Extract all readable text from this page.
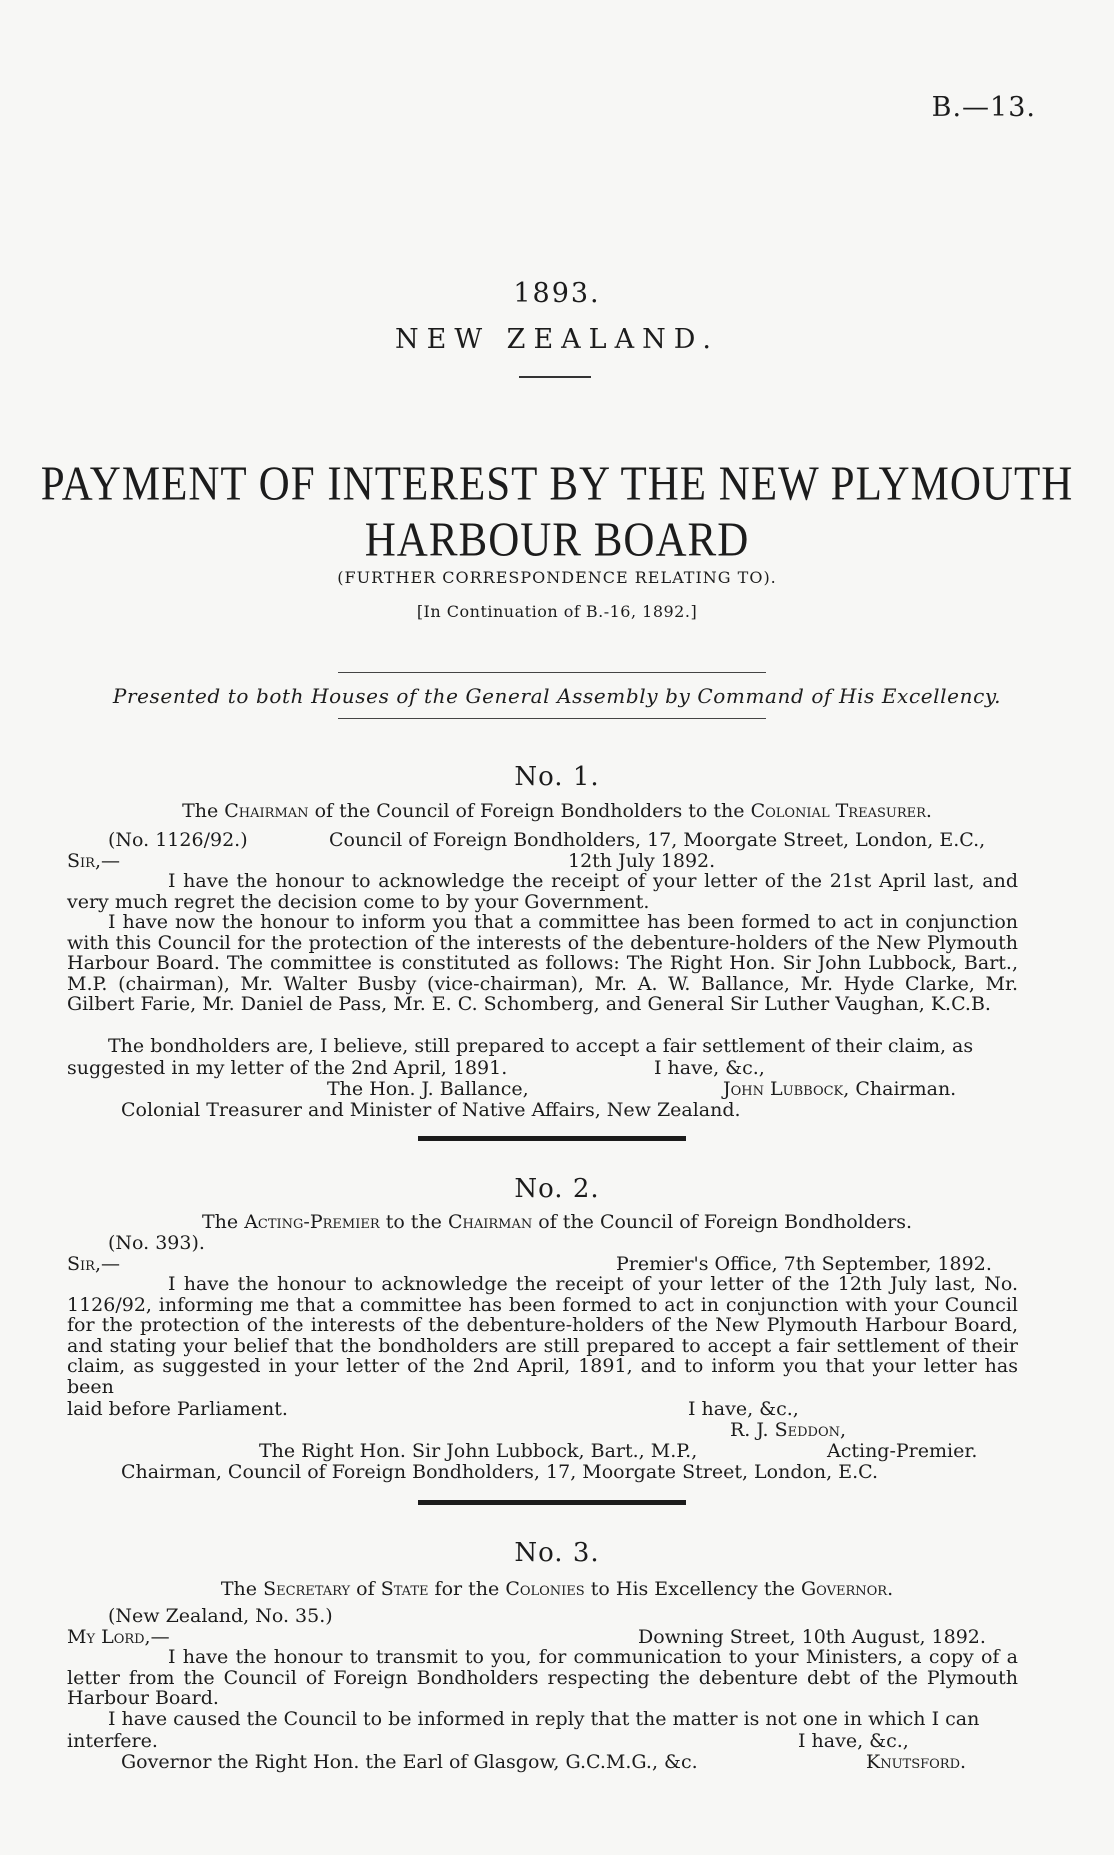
B.—13.
1893.
NEW ZEALAND.
PAYMENT OF INTEREST BY THE NEW PLYMOUTH
HARBOUR BOARD
(FURTHER CORRESPONDENCE RELATING TO).
[In Continuation of B.-16, 1892.]
Presented to both Houses of the General Assembly by Command of His Excellency.
No. 1.
The Chairman of the Council of Foreign Bondholders to the Colonial Treasurer.
(No. 1126/92.)	Council of Foreign Bondholders, 17, Moorgate Street, London, E.C.,
Sir,—	12th July 1892.
I have the honour to acknowledge the receipt of your letter of the 21st April last, and very much regret the decision come to by your Government.
I have now the honour to inform you that a committee has been formed to act in conjunction with this Council for the protection of the interests of the debenture-holders of the New Plymouth Harbour Board. The committee is constituted as follows: The Right Hon. Sir John Lubbock, Bart., M.P. (chairman), Mr. Walter Busby (vice-chairman), Mr. A. W. Ballance, Mr. Hyde Clarke, Mr. Gilbert Farie, Mr. Daniel de Pass, Mr. E. C. Schomberg, and General Sir Luther Vaughan, K.C.B.
The bondholders are, I believe, still prepared to accept a fair settlement of their claim, as
suggested in my letter of the 2nd April, 1891.	I have, &c.,
The Hon. J. Ballance,	John Lubbock, Chairman.
Colonial Treasurer and Minister of Native Affairs, New Zealand.
No. 2.
The Acting-Premier to the Chairman of the Council of Foreign Bondholders.
(No. 393).
Sir,—	Premier's Office, 7th September, 1892.
I have the honour to acknowledge the receipt of your letter of the 12th July last, No. 1126/92, informing me that a committee has been formed to act in conjunction with your Council for the protection of the interests of the debenture-holders of the New Plymouth Harbour Board, and stating your belief that the bondholders are still prepared to accept a fair settlement of their claim, as suggested in your letter of the 2nd April, 1891, and to inform you that your letter has been
laid before Parliament.	I have, &c.,
R. J. Seddon,
The Right Hon. Sir John Lubbock, Bart., M.P.,	Acting-Premier.
Chairman, Council of Foreign Bondholders, 17, Moorgate Street, London, E.C.
No. 3.
The Secretary of State for the Colonies to His Excellency the Governor.
(New Zealand, No. 35.)
My Lord,—	Downing Street, 10th August, 1892.
I have the honour to transmit to you, for communication to your Ministers, a copy of a letter from the Council of Foreign Bondholders respecting the debenture debt of the Plymouth Harbour Board.
I have caused the Council to be informed in reply that the matter is not one in which I can
interfere.	I have, &c.,
Governor the Right Hon. the Earl of Glasgow, G.C.M.G., &c.	Knutsford.
